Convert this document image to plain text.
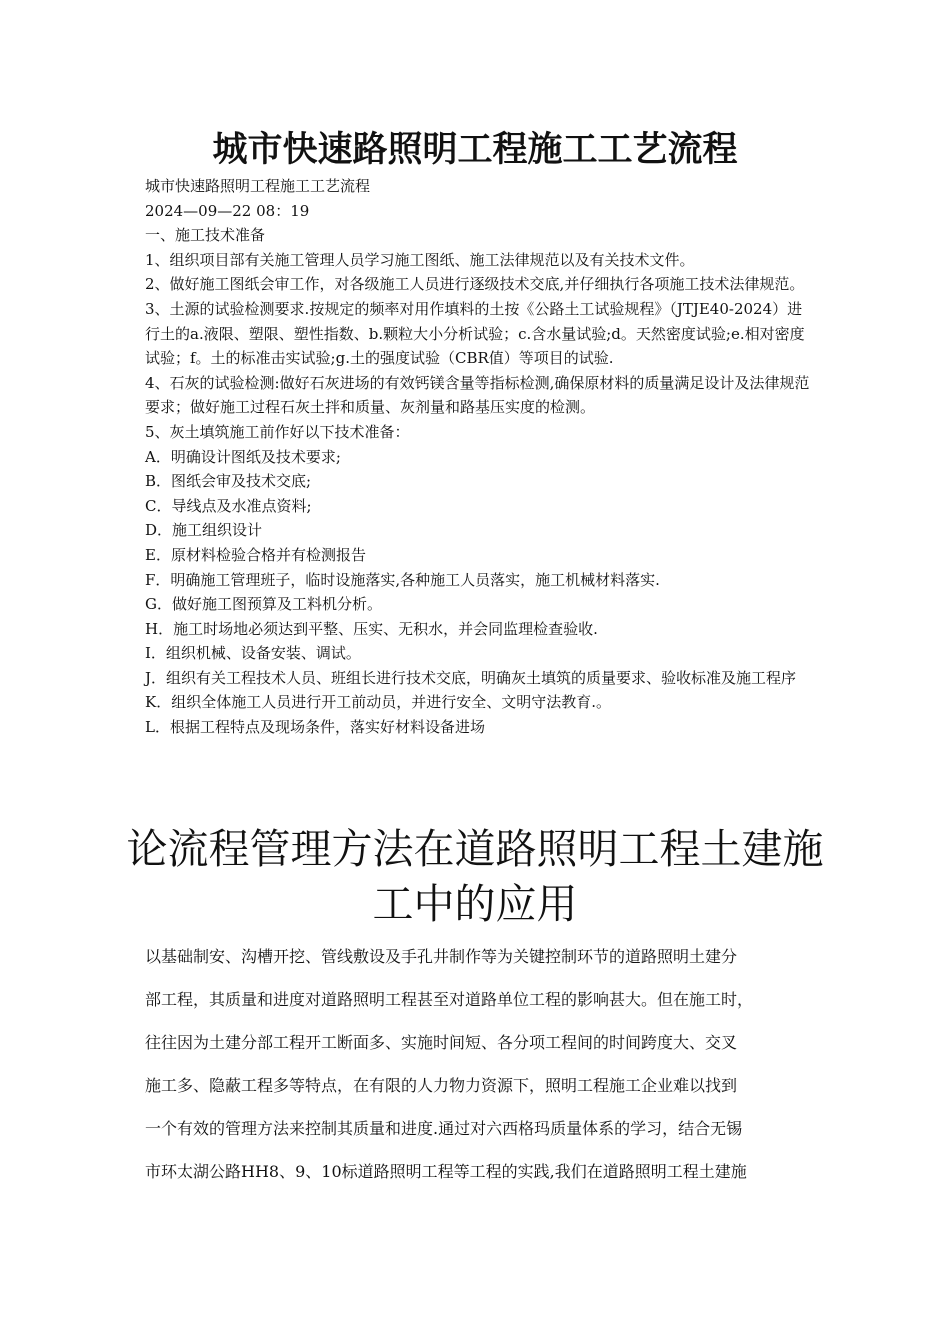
城市快速路照明工程施工工艺流程

城市快速路照明工程施工工艺流程

2024—09—22 08：19

一、施工技术准备

1、组织项目部有关施工管理人员学习施工图纸、施工法律规范以及有关技术文件。

2、做好施工图纸会审工作，对各级施工人员进行逐级技术交底,并仔细执行各项施工技术法律规范。

3、土源的试验检测要求.按规定的频率对用作填料的土按《公路土工试验规程》（JTJE40-2024）进行土的a.液限、塑限、塑性指数、b.颗粒大小分析试验；c.含水量试验;d。天然密度试验;e.相对密度试验；f。土的标准击实试验;g.土的强度试验（CBR值）等项目的试验.

4、石灰的试验检测:做好石灰进场的有效钙镁含量等指标检测,确保原材料的质量满足设计及法律规范要求；做好施工过程石灰土拌和质量、灰剂量和路基压实度的检测。

5、灰土填筑施工前作好以下技术准备：

A．明确设计图纸及技术要求;

B．图纸会审及技术交底;

C．导线点及水准点资料;

D．施工组织设计

E．原材料检验合格并有检测报告

F．明确施工管理班子，临时设施落实,各种施工人员落实，施工机械材料落实.

G．做好施工图预算及工料机分析。

H．施工时场地必须达到平整、压实、无积水，并会同监理检查验收.

I．组织机械、设备安装、调试。

J．组织有关工程技术人员、班组长进行技术交底，明确灰土填筑的质量要求、验收标准及施工程序

K．组织全体施工人员进行开工前动员，并进行安全、文明守法教育.。

L．根据工程特点及现场条件，落实好材料设备进场

论流程管理方法在道路照明工程土建施工中的应用

以基础制安、沟槽开挖、管线敷设及手孔井制作等为关键控制环节的道路照明土建分

部工程，其质量和进度对道路照明工程甚至对道路单位工程的影响甚大。但在施工时，

往往因为土建分部工程开工断面多、实施时间短、各分项工程间的时间跨度大、交叉

施工多、隐蔽工程多等特点，在有限的人力物力资源下，照明工程施工企业难以找到

一个有效的管理方法来控制其质量和进度.通过对六西格玛质量体系的学习，结合无锡

市环太湖公路HH8、9、10标道路照明工程等工程的实践,我们在道路照明工程土建施
